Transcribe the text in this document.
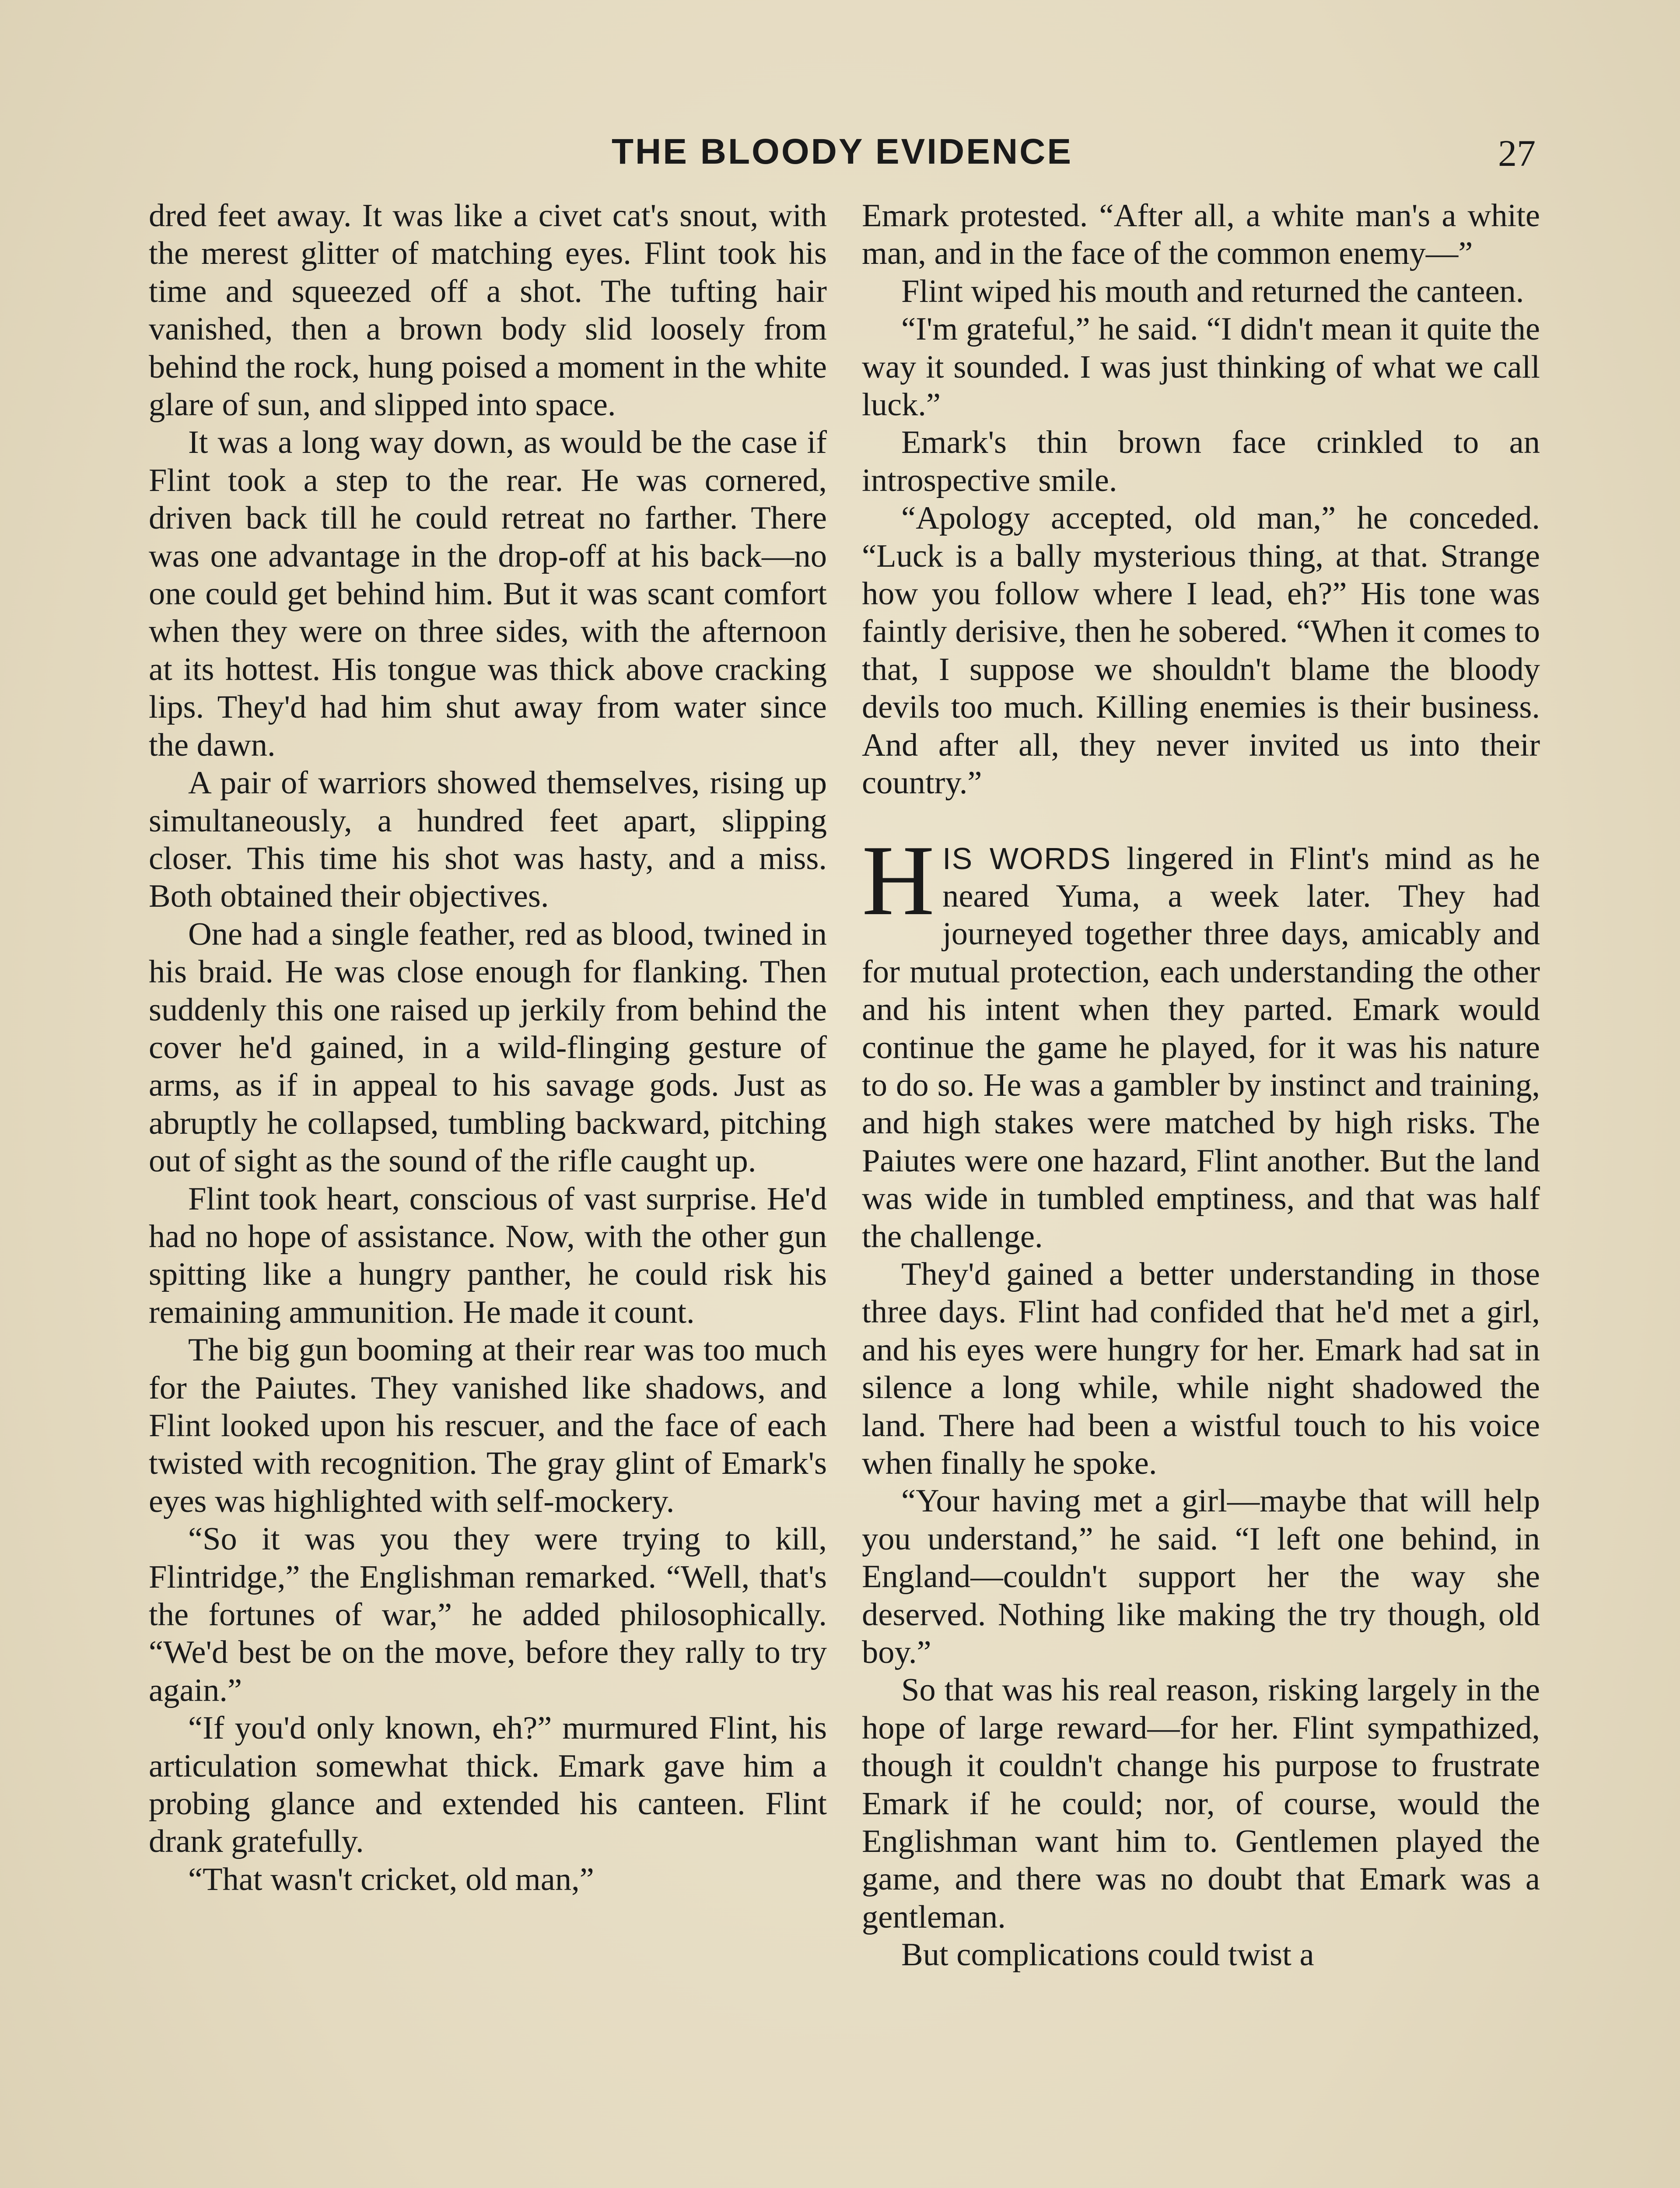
THE BLOODY EVIDENCE	27

dred feet away. It was like a civet cat's snout, with the merest glitter of matching eyes. Flint took his time and squeezed off a shot. The tufting hair vanished, then a brown body slid loosely from behind the rock, hung poised a moment in the white glare of sun, and slipped into space.

It was a long way down, as would be the case if Flint took a step to the rear. He was cornered, driven back till he could retreat no farther. There was one advantage in the drop-off at his back—no one could get behind him. But it was scant comfort when they were on three sides, with the afternoon at its hottest. His tongue was thick above cracking lips. They'd had him shut away from water since the dawn.

A pair of warriors showed themselves, rising up simultaneously, a hundred feet apart, slipping closer. This time his shot was hasty, and a miss. Both obtained their objectives.

One had a single feather, red as blood, twined in his braid. He was close enough for flanking. Then suddenly this one raised up jerkily from behind the cover he'd gained, in a wild-flinging gesture of arms, as if in appeal to his savage gods. Just as abruptly he collapsed, tumbling backward, pitching out of sight as the sound of the rifle caught up.

Flint took heart, conscious of vast surprise. He'd had no hope of assistance. Now, with the other gun spitting like a hungry panther, he could risk his remaining ammunition. He made it count.

The big gun booming at their rear was too much for the Paiutes. They vanished like shadows, and Flint looked upon his rescuer, and the face of each twisted with recognition. The gray glint of Emark's eyes was highlighted with self-mockery.

“So it was you they were trying to kill, Flintridge,” the Englishman remarked. “Well, that's the fortunes of war,” he added philosophically. “We'd best be on the move, before they rally to try again.”

“If you'd only known, eh?” murmured Flint, his articulation somewhat thick. Emark gave him a probing glance and extended his canteen. Flint drank gratefully.

“That wasn't cricket, old man,”

Emark protested. “After all, a white man's a white man, and in the face of the common enemy—”

Flint wiped his mouth and returned the canteen.

“I'm grateful,” he said. “I didn't mean it quite the way it sounded. I was just thinking of what we call luck.”

Emark's thin brown face crinkled to an introspective smile.

“Apology accepted, old man,” he conceded. “Luck is a bally mysterious thing, at that. Strange how you follow where I lead, eh?” His tone was faintly derisive, then he sobered. “When it comes to that, I suppose we shouldn't blame the bloody devils too much. Killing enemies is their business. And after all, they never invited us into their country.”

HIS WORDS lingered in Flint's mind as he neared Yuma, a week later. They had journeyed together three days, amicably and for mutual protection, each understanding the other and his intent when they parted. Emark would continue the game he played, for it was his nature to do so. He was a gambler by instinct and training, and high stakes were matched by high risks. The Paiutes were one hazard, Flint another. But the land was wide in tumbled emptiness, and that was half the challenge.

They'd gained a better understanding in those three days. Flint had confided that he'd met a girl, and his eyes were hungry for her. Emark had sat in silence a long while, while night shadowed the land. There had been a wistful touch to his voice when finally he spoke.

“Your having met a girl—maybe that will help you understand,” he said. “I left one behind, in England—couldn't support her the way she deserved. Nothing like making the try though, old boy.”

So that was his real reason, risking largely in the hope of large reward—for her. Flint sympathized, though it couldn't change his purpose to frustrate Emark if he could; nor, of course, would the Englishman want him to. Gentlemen played the game, and there was no doubt that Emark was a gentleman.

But complications could twist a
